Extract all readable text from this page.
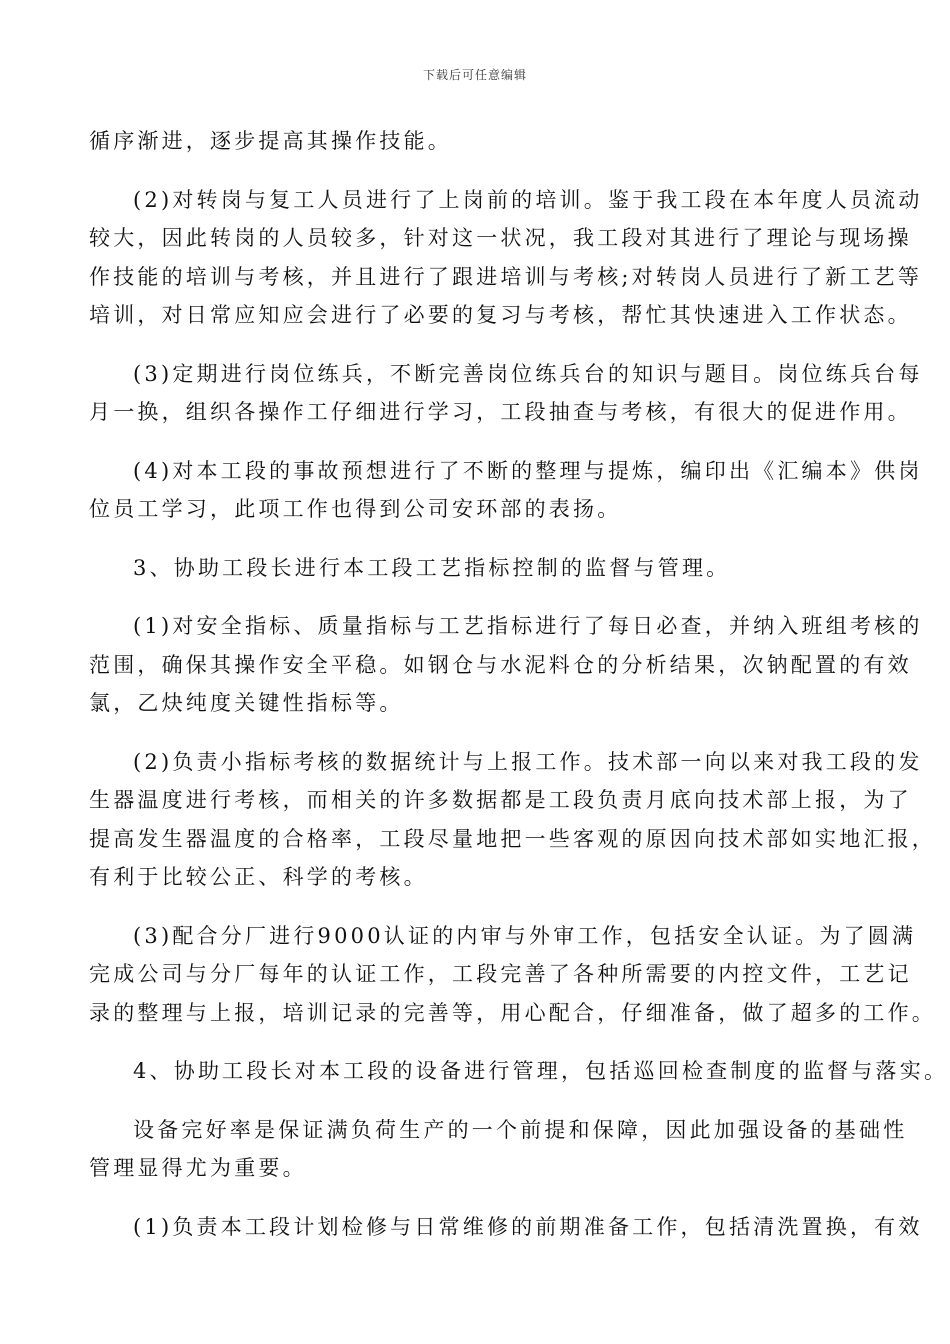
下载后可任意编辑
循序渐进，逐步提高其操作技能。
(2)对转岗与复工人员进行了上岗前的培训。鉴于我工段在本年度人员流动
较大，因此转岗的人员较多，针对这一状况，我工段对其进行了理论与现场操
作技能的培训与考核，并且进行了跟进培训与考核;对转岗人员进行了新工艺等
培训，对日常应知应会进行了必要的复习与考核，帮忙其快速进入工作状态。
(3)定期进行岗位练兵，不断完善岗位练兵台的知识与题目。岗位练兵台每
月一换，组织各操作工仔细进行学习，工段抽查与考核，有很大的促进作用。
(4)对本工段的事故预想进行了不断的整理与提炼，编印出《汇编本》供岗
位员工学习，此项工作也得到公司安环部的表扬。
3、协助工段长进行本工段工艺指标控制的监督与管理。
(1)对安全指标、质量指标与工艺指标进行了每日必查，并纳入班组考核的
范围，确保其操作安全平稳。如钢仓与水泥料仓的分析结果，次钠配置的有效
氯，乙炔纯度关键性指标等。
(2)负责小指标考核的数据统计与上报工作。技术部一向以来对我工段的发
生器温度进行考核，而相关的许多数据都是工段负责月底向技术部上报，为了
提高发生器温度的合格率，工段尽量地把一些客观的原因向技术部如实地汇报，
有利于比较公正、科学的考核。
(3)配合分厂进行9000认证的内审与外审工作，包括安全认证。为了圆满
完成公司与分厂每年的认证工作，工段完善了各种所需要的内控文件，工艺记
录的整理与上报，培训记录的完善等，用心配合，仔细准备，做了超多的工作。
4、协助工段长对本工段的设备进行管理，包括巡回检查制度的监督与落实。
设备完好率是保证满负荷生产的一个前提和保障，因此加强设备的基础性
管理显得尤为重要。
(1)负责本工段计划检修与日常维修的前期准备工作，包括清洗置换，有效
